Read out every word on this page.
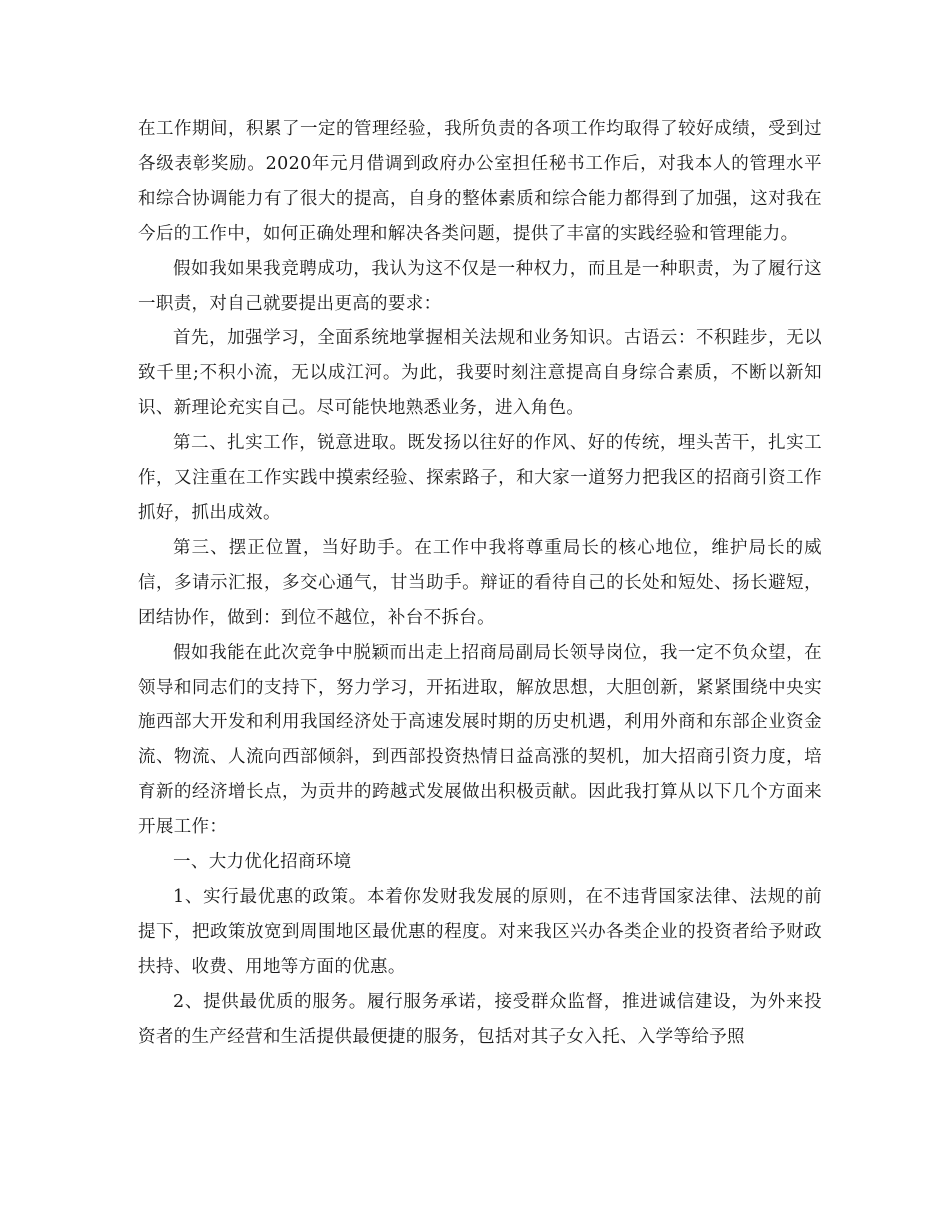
在工作期间，积累了一定的管理经验，我所负责的各项工作均取得了较好成绩，受到过各级表彰奖励。2020年元月借调到政府办公室担任秘书工作后，对我本人的管理水平和综合协调能力有了很大的提高，自身的整体素质和综合能力都得到了加强，这对我在今后的工作中，如何正确处理和解决各类问题，提供了丰富的实践经验和管理能力。

假如我如果我竞聘成功，我认为这不仅是一种权力，而且是一种职责，为了履行这一职责，对自己就要提出更高的要求：

首先，加强学习，全面系统地掌握相关法规和业务知识。古语云：不积跬步，无以致千里;不积小流，无以成江河。为此，我要时刻注意提高自身综合素质，不断以新知识、新理论充实自己。尽可能快地熟悉业务，进入角色。

第二、扎实工作，锐意进取。既发扬以往好的作风、好的传统，埋头苦干，扎实工作，又注重在工作实践中摸索经验、探索路子，和大家一道努力把我区的招商引资工作抓好，抓出成效。

第三、摆正位置，当好助手。在工作中我将尊重局长的核心地位，维护局长的威信，多请示汇报，多交心通气，甘当助手。辩证的看待自己的长处和短处、扬长避短，团结协作，做到：到位不越位，补台不拆台。

假如我能在此次竞争中脱颖而出走上招商局副局长领导岗位，我一定不负众望，在领导和同志们的支持下，努力学习，开拓进取，解放思想，大胆创新，紧紧围绕中央实施西部大开发和利用我国经济处于高速发展时期的历史机遇，利用外商和东部企业资金流、物流、人流向西部倾斜，到西部投资热情日益高涨的契机，加大招商引资力度，培育新的经济增长点，为贡井的跨越式发展做出积极贡献。因此我打算从以下几个方面来开展工作：

一、大力优化招商环境

1、实行最优惠的政策。本着你发财我发展的原则，在不违背国家法律、法规的前提下，把政策放宽到周围地区最优惠的程度。对来我区兴办各类企业的投资者给予财政扶持、收费、用地等方面的优惠。

2、提供最优质的服务。履行服务承诺，接受群众监督，推进诚信建设，为外来投资者的生产经营和生活提供最便捷的服务，包括对其子女入托、入学等给予照
